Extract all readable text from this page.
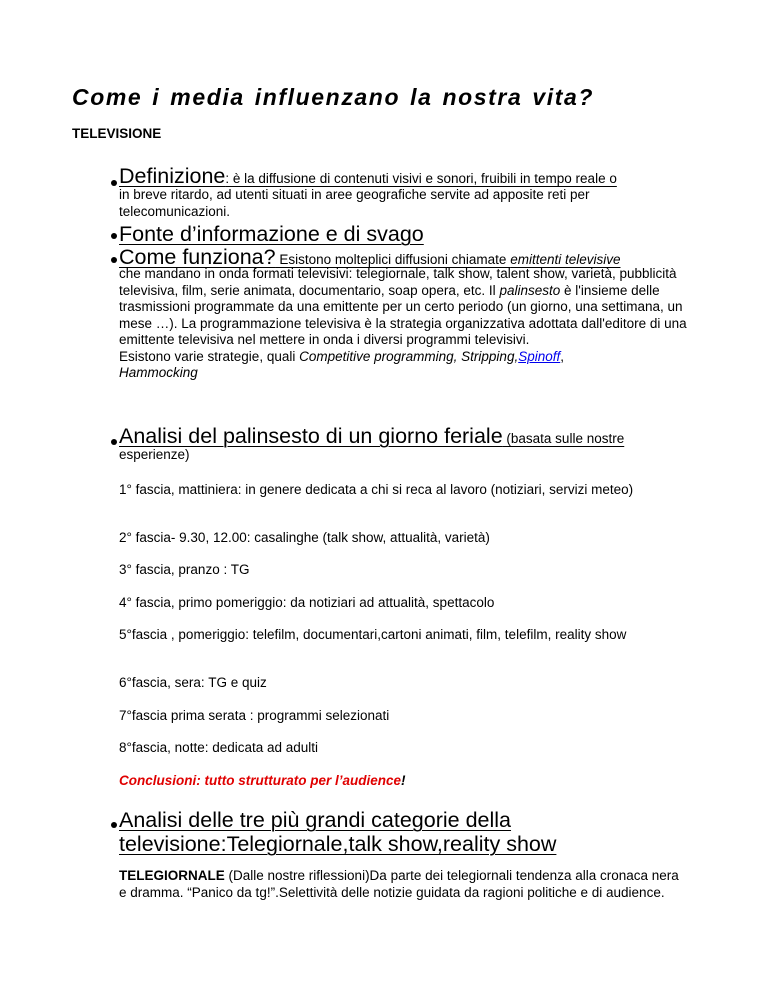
Come i media influenzano la nostra vita?
TELEVISIONE
Definizione: è la diffusione di contenuti visivi e sonori, fruibili in tempo reale o

in breve ritardo, ad utenti situati in aree geografiche servite ad apposite reti per telecomunicazioni.

Fonte d’informazione e di svago
Come funziona? Esistono molteplici diffusioni chiamate emittenti televisive

che mandano in onda formati televisivi: telegiornale, talk show, talent show, varietà, pubblicità televisiva, film, serie animata, documentario, soap opera, etc. Il palinsesto è l'insieme delle trasmissioni programmate da una emittente per un certo periodo (un giorno, una settimana, un mese …). La programmazione televisiva è la strategia organizzativa adottata dall'editore di una emittente televisiva nel mettere in onda i diversi programmi televisivi.
Esistono varie strategie, quali Competitive programming, Stripping,Spinoff,
Hammocking

Analisi del palinsesto di un giorno feriale (basata sulle nostre

esperienze)

1° fascia, mattiniera: in genere dedicata a chi si reca al lavoro (notiziari, servizi meteo)

2° fascia- 9.30, 12.00: casalinghe (talk show, attualità, varietà)

3° fascia, pranzo : TG

4° fascia, primo pomeriggio: da notiziari ad attualità, spettacolo

5°fascia , pomeriggio: telefilm, documentari,cartoni animati, film, telefilm, reality show

6°fascia, sera: TG e quiz

7°fascia prima serata : programmi selezionati

8°fascia, notte: dedicata ad adulti

Conclusioni: tutto strutturato per l’audience!

Analisi delle tre più grandi categorie della televisione:Telegiornale,talk show,reality show

TELEGIORNALE (Dalle nostre riflessioni)Da parte dei telegiornali tendenza alla cronaca nera e dramma. “Panico da tg!”.Selettività delle notizie guidata da ragioni politiche e di audience.
